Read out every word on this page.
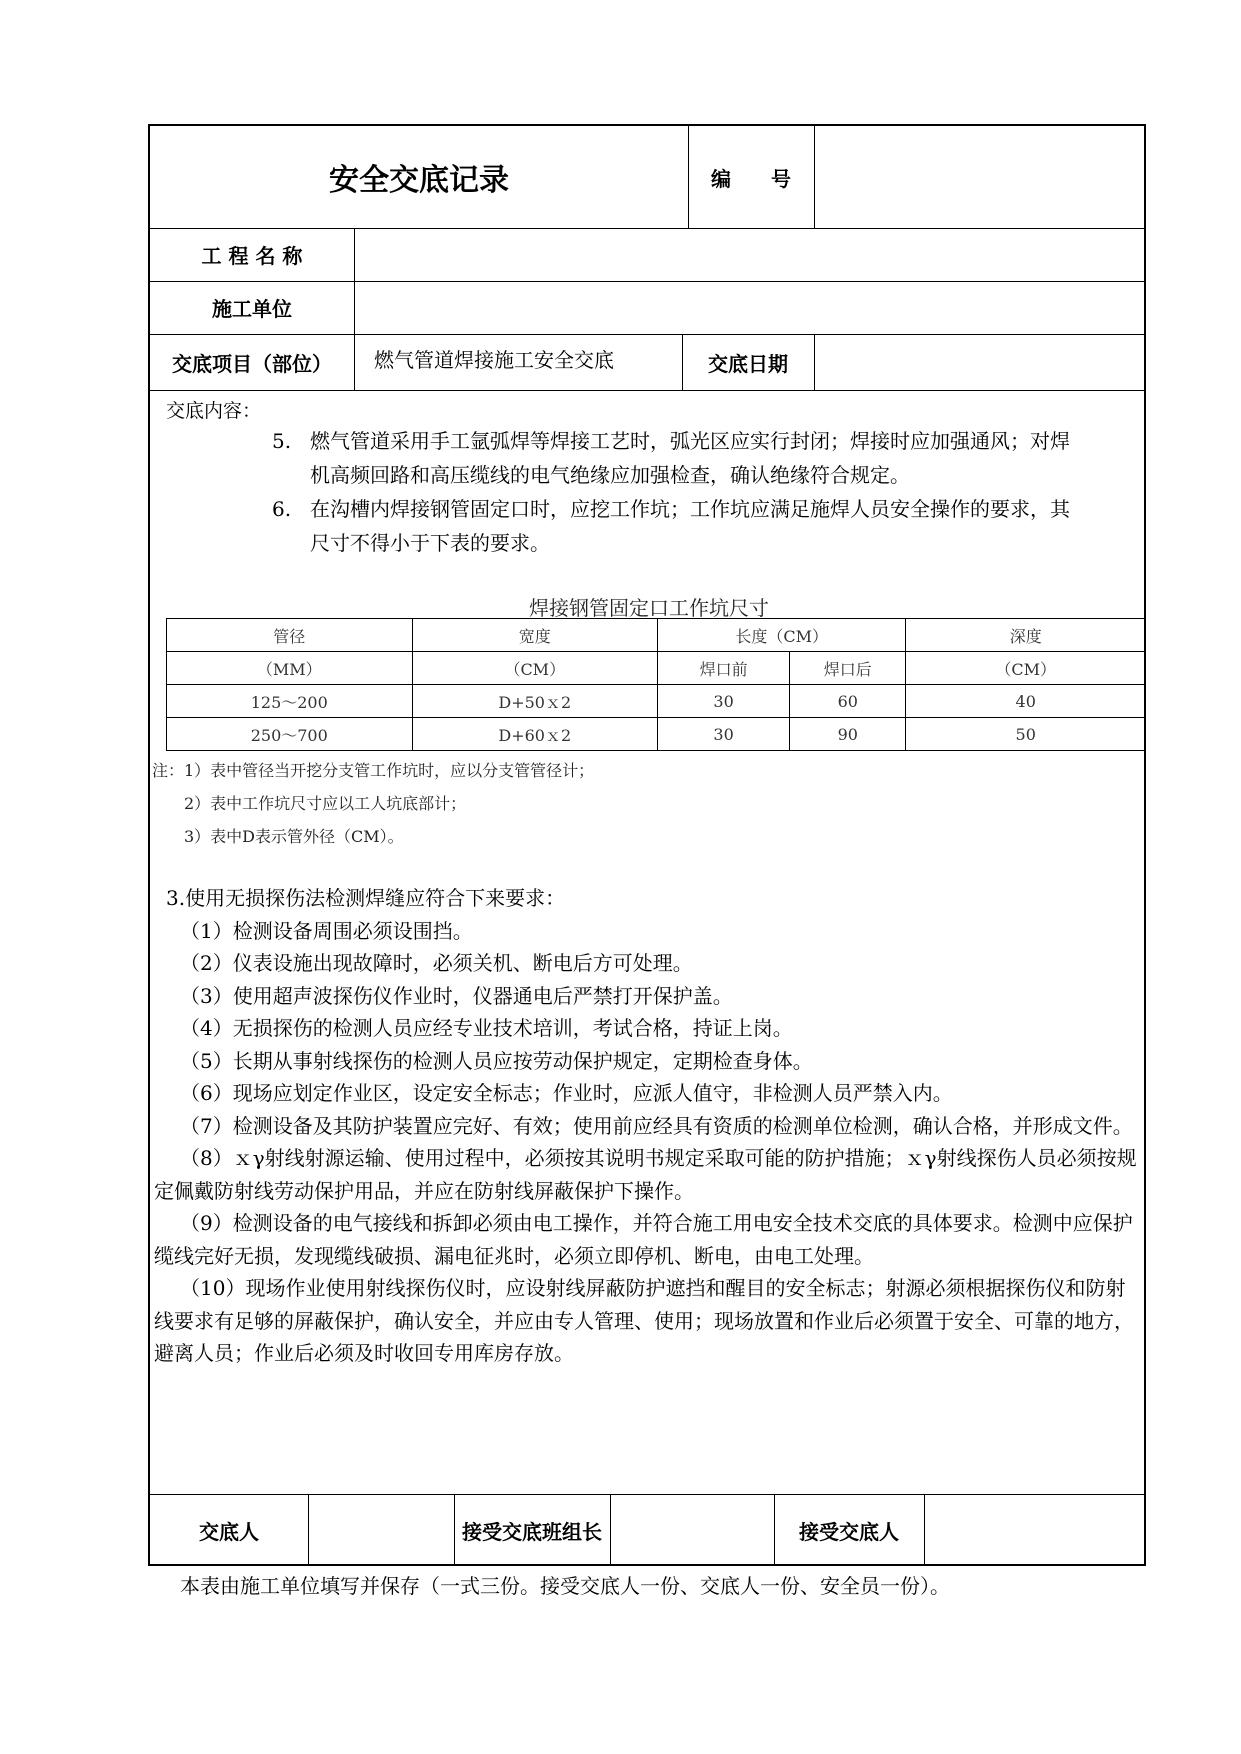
安全交底记录	编　　号
工 程 名 称
施工单位
交底项目（部位）	燃气管道焊接施工安全交底	交底日期
交底内容：
5. 燃气管道采用手工氩弧焊等焊接工艺时，弧光区应实行封闭；焊接时应加强通风；对焊
机高频回路和高压缆线的电气绝缘应加强检查，确认绝缘符合规定。
6. 在沟槽内焊接钢管固定口时，应挖工作坑；工作坑应满足施焊人员安全操作的要求，其
尺寸不得小于下表的要求。
焊接钢管固定口工作坑尺寸
管径	宽度	长度（CM）		深度
（MM）	（CM）	焊口前	焊口后	（CM）
125～200	D+50ｘ2	30	60	40
250～700	D+60ｘ2	30	90	50
注：1）表中管径当开挖分支管工作坑时，应以分支管管径计；
2）表中工作坑尺寸应以工人坑底部计；
3）表中D表示管外径（CM）。

3.使用无损探伤法检测焊缝应符合下来要求：

（1）检测设备周围必须设围挡。

（2）仪表设施出现故障时，必须关机、断电后方可处理。

（3）使用超声波探伤仪作业时，仪器通电后严禁打开保护盖。

（4）无损探伤的检测人员应经专业技术培训，考试合格，持证上岗。

（5）长期从事射线探伤的检测人员应按劳动保护规定，定期检查身体。

（6）现场应划定作业区，设定安全标志；作业时，应派人值守，非检测人员严禁入内。

（7）检测设备及其防护装置应完好、有效；使用前应经具有资质的检测单位检测，确认合格，并形成文件。

（8）ｘγ射线射源运输、使用过程中，必须按其说明书规定采取可能的防护措施；ｘγ射线探伤人员必须按规定佩戴防射线劳动保护用品，并应在防射线屏蔽保护下操作。

（9）检测设备的电气接线和拆卸必须由电工操作，并符合施工用电安全技术交底的具体要求。检测中应保护缆线完好无损，发现缆线破损、漏电征兆时，必须立即停机、断电，由电工处理。

（10）现场作业使用射线探伤仪时，应设射线屏蔽防护遮挡和醒目的安全标志；射源必须根据探伤仪和防射线要求有足够的屏蔽保护，确认安全，并应由专人管理、使用；现场放置和作业后必须置于安全、可靠的地方，避离人员；作业后必须及时收回专用库房存放。

交底人	接受交底班组长	接受交底人
本表由施工单位填写并保存（一式三份。接受交底人一份、交底人一份、安全员一份）。
